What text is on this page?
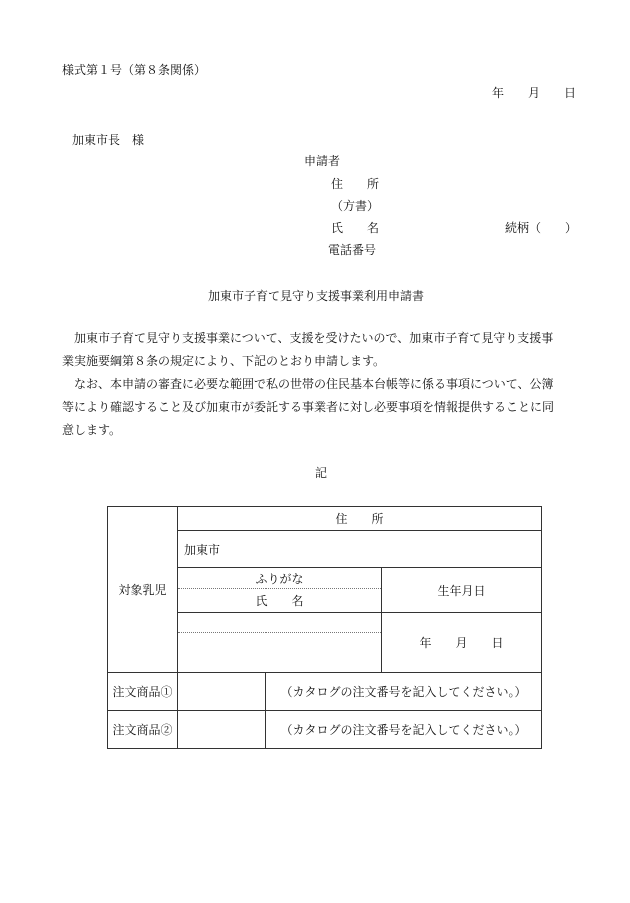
様式第１号（第８条関係）
年　　月　　日
加東市長　様
申請者
住　　所
（方書）
氏　　名	続柄（　　）
電話番号
加東市子育て見守り支援事業利用申請書
加東市子育て見守り支援事業について、支援を受けたいので、加東市子育て見守り支援事
業実施要綱第８条の規定により、下記のとおり申請します。
なお、本申請の審査に必要な範囲で私の世帯の住民基本台帳等に係る事項について、公簿
等により確認すること及び加東市が委託する事業者に対し必要事項を情報提供することに同
意します。
記
対象乳児	住　　所		
	加東市		
	ふりがな		生年月日
	氏　　名		
			年　　月　　日

注文商品①		（カタログの注文番号を記入してください。）	
注文商品②		（カタログの注文番号を記入してください。）	
